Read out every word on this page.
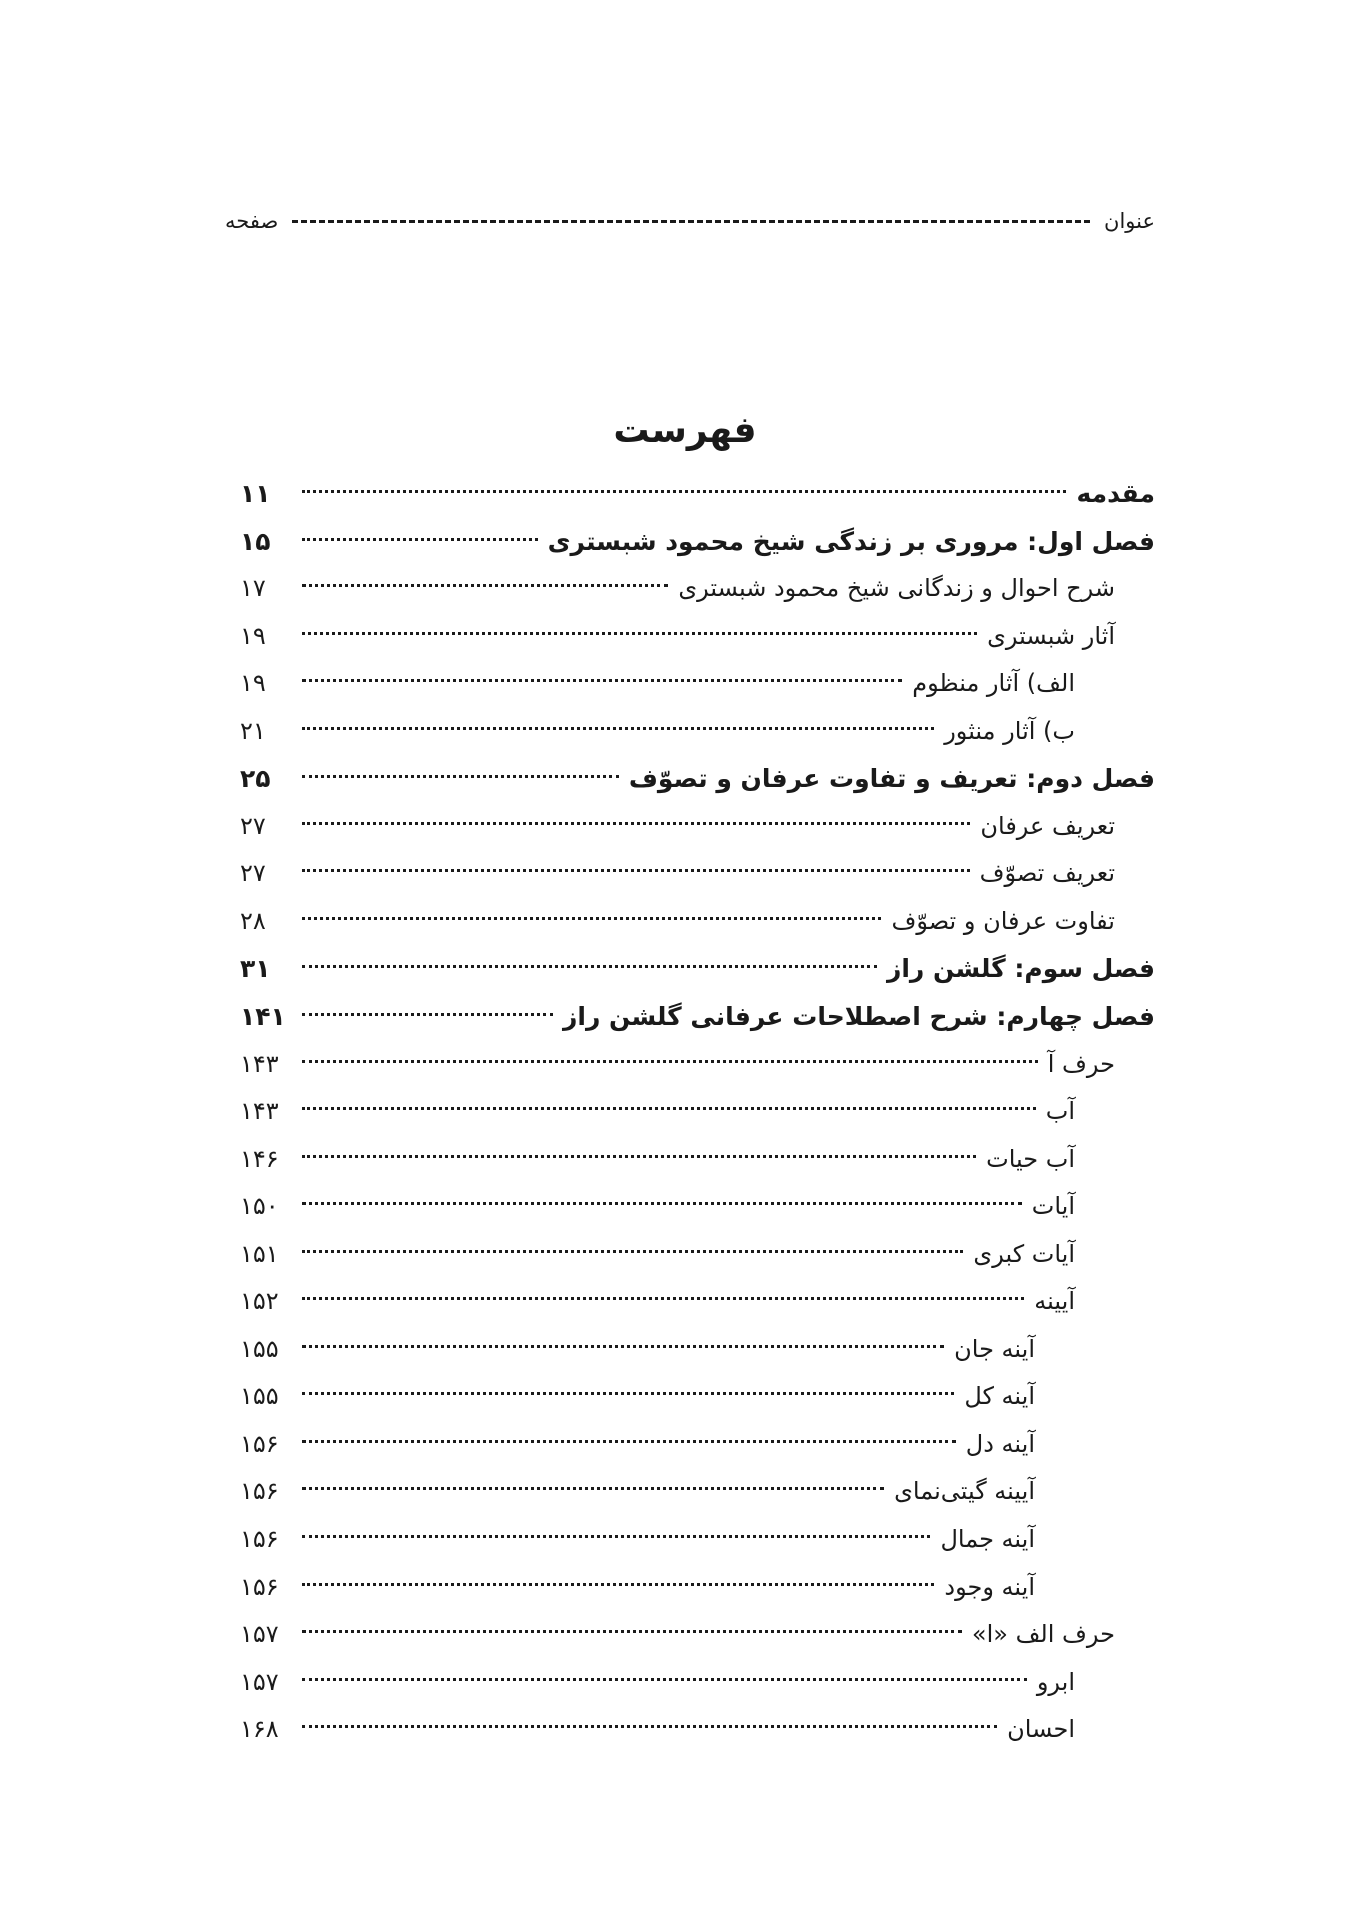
عنوان
صفحه
فهرست
مقدمه
۱۱
فصل اول: مروری بر زندگی شیخ محمود شبستری
۱۵
شرح احوال و زندگانی شیخ محمود شبستری
۱۷
آثار شبستری
۱۹
الف) آثار منظوم
۱۹
ب) آثار منثور
۲۱
فصل دوم: تعریف و تفاوت عرفان و تصوّف
۲۵
تعریف عرفان
۲۷
تعریف تصوّف
۲۷
تفاوت عرفان و تصوّف
۲۸
فصل سوم: گلشن راز
۳۱
فصل چهارم: شرح اصطلاحات عرفانی گلشن راز
۱۴۱
حرف آ
۱۴۳
آب
۱۴۳
آب حیات
۱۴۶
آیات
۱۵۰
آیات کبری
۱۵۱
آیینه
۱۵۲
آینه جان
۱۵۵
آینه کل
۱۵۵
آینه دل
۱۵۶
آیینه گیتی‌نمای
۱۵۶
آینه جمال
۱۵۶
آینه وجود
۱۵۶
حرف الف «ا»
۱۵۷
ابرو
۱۵۷
احسان
۱۶۸
